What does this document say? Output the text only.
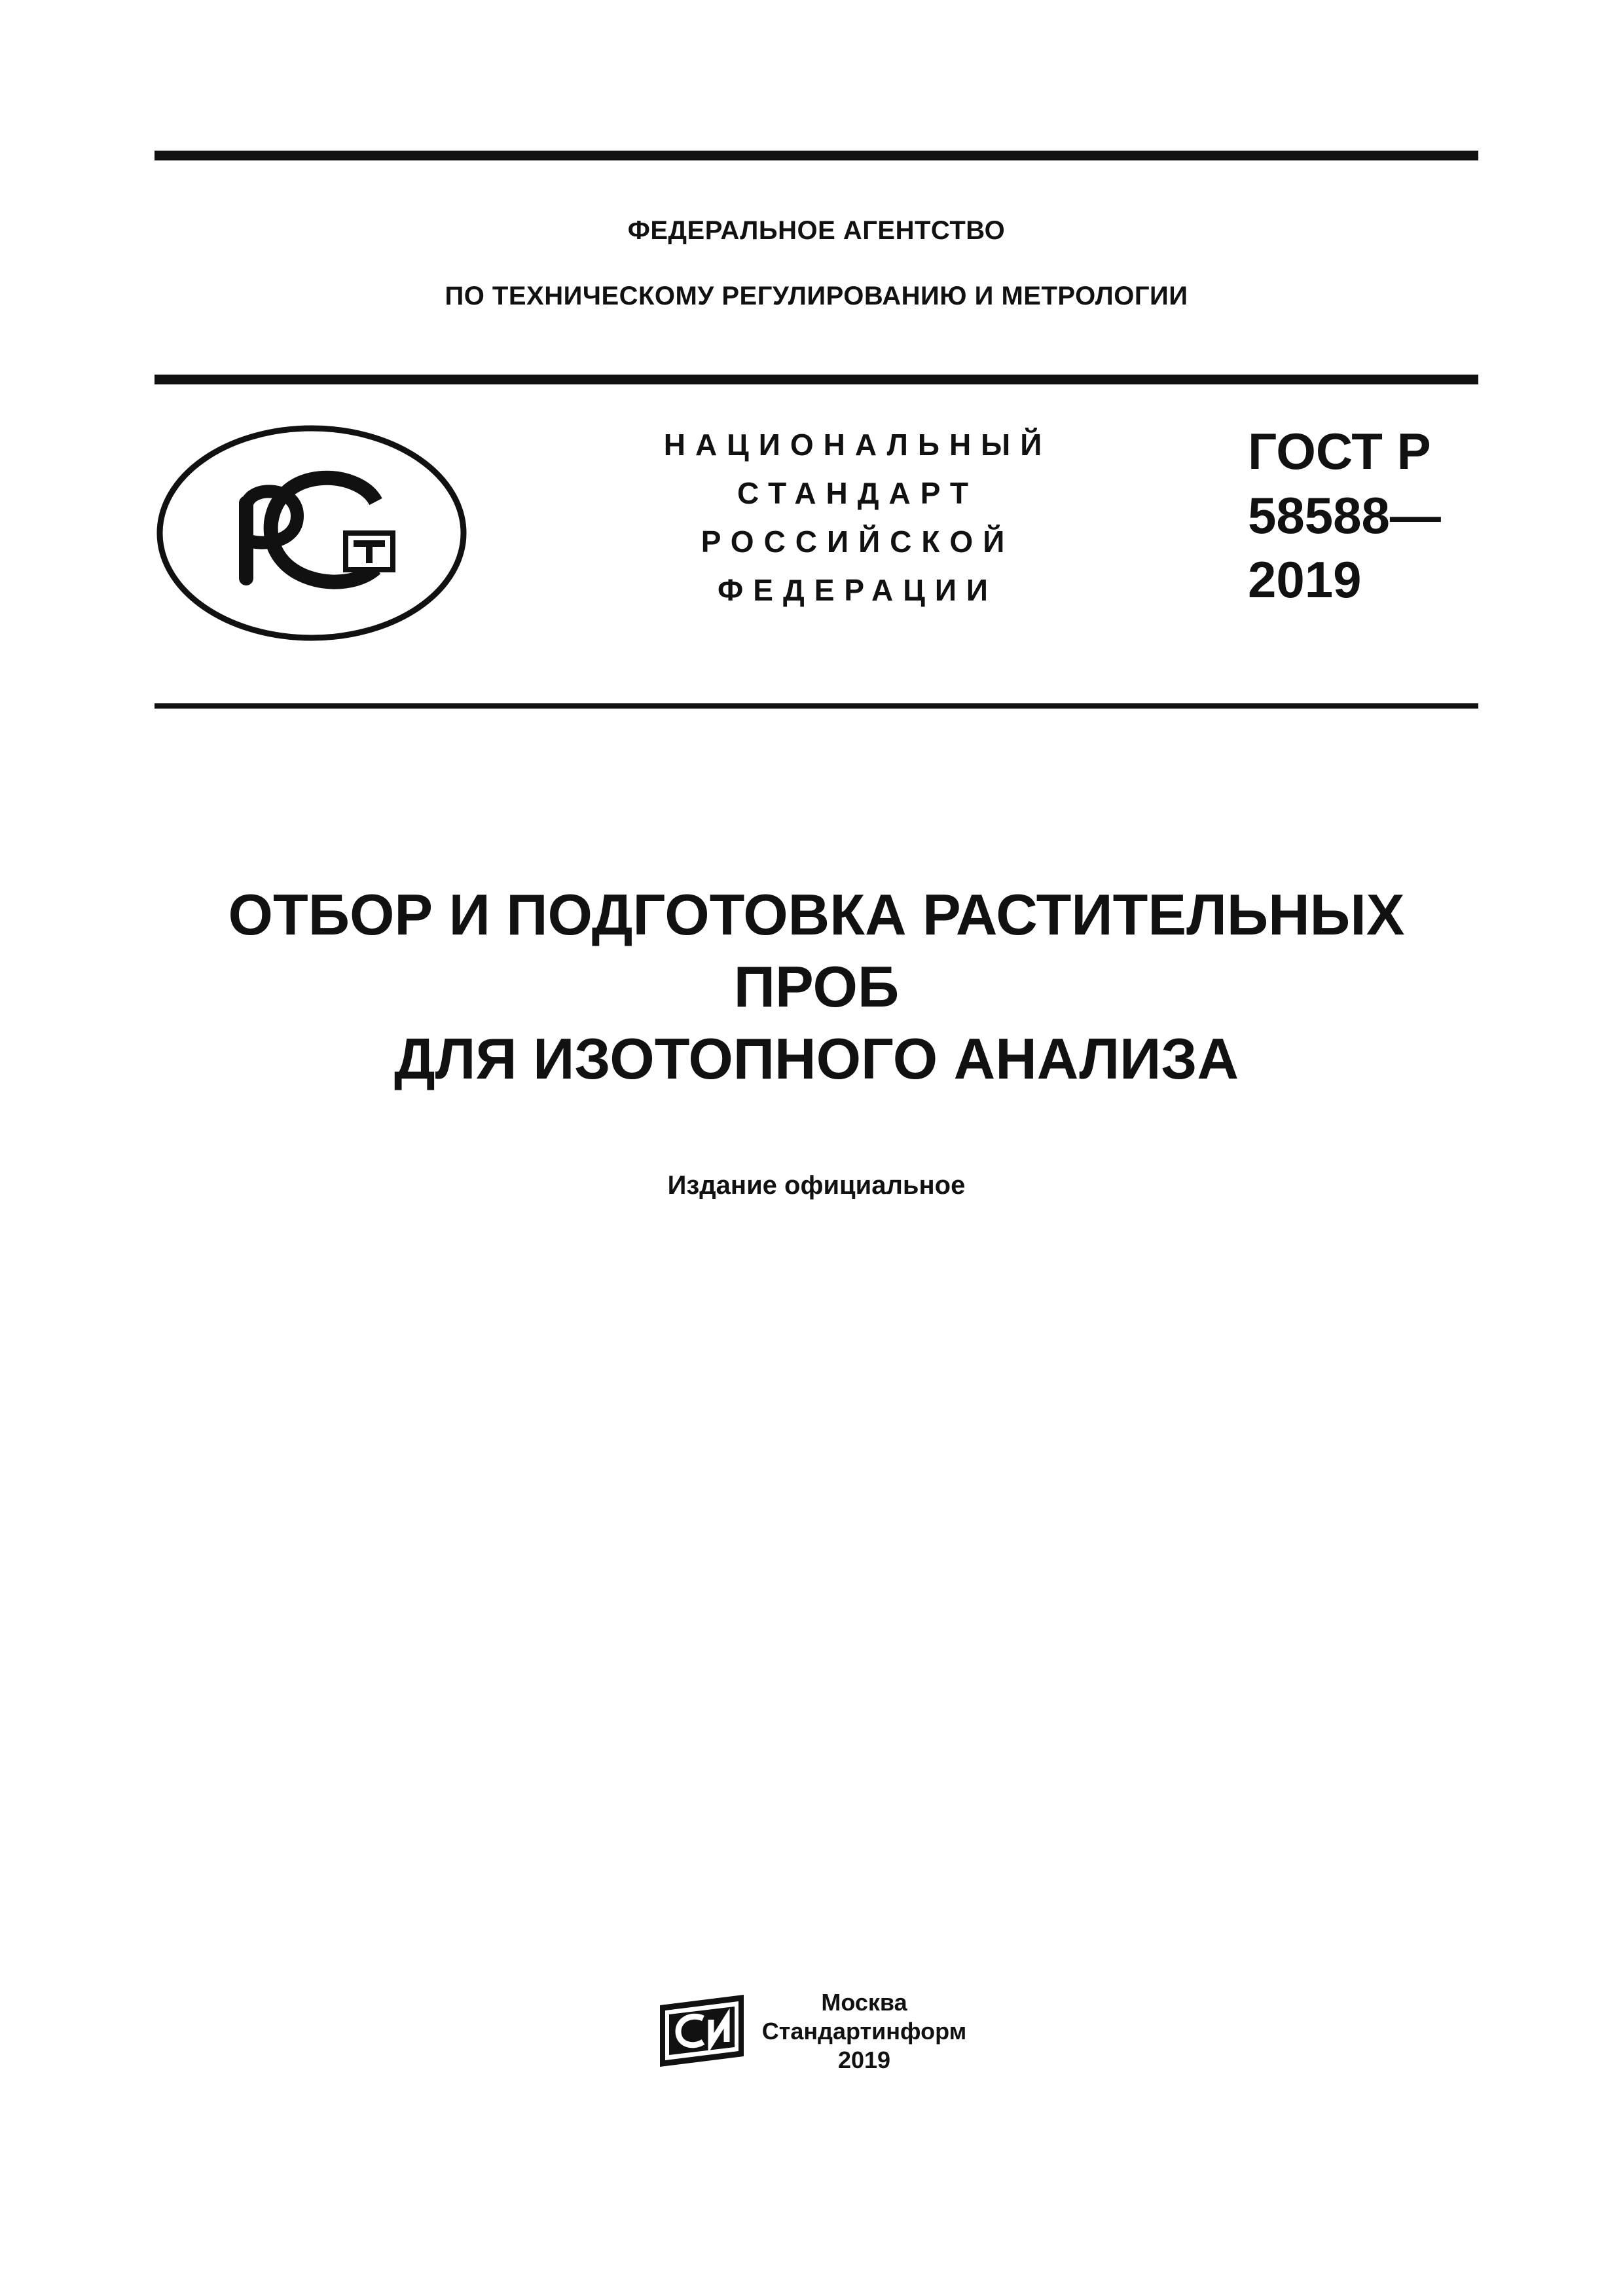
ФЕДЕРАЛЬНОЕ АГЕНТСТВО
ПО ТЕХНИЧЕСКОМУ РЕГУЛИРОВАНИЮ И МЕТРОЛОГИИ
НАЦИОНАЛЬНЫЙ
СТАНДАРТ
РОССИЙСКОЙ
ФЕДЕРАЦИИ
ГОСТ Р
58588—
2019
ОТБОР И ПОДГОТОВКА РАСТИТЕЛЬНЫХ ПРОБ
ДЛЯ ИЗОТОПНОГО АНАЛИЗА
Издание официальное
Москва
Стандартинформ
2019
